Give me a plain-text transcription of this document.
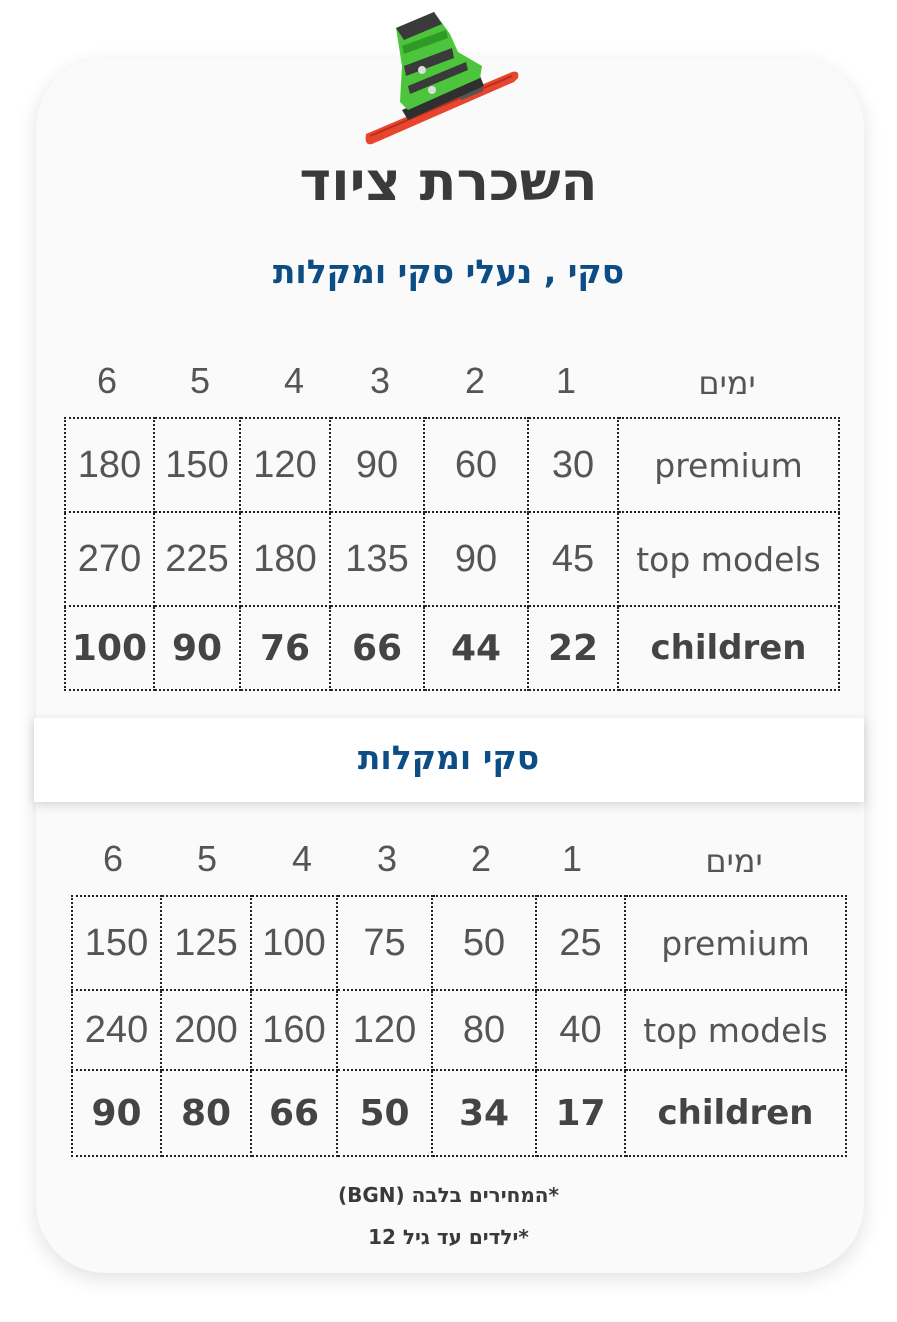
השכרת ציוד
סקי , נעלי סקי ומקלות
6	5	4	3	2	1	ימים
180	150	120	90	60	30	premium
270	225	180	135	90	45	top models
100	90	76	66	44	22	children
סקי ומקלות
6	5	4	3	2	1	ימים
150	125	100	75	50	25	premium
240	200	160	120	80	40	top models
90	80	66	50	34	17	children
*המחירים בלבה (BGN)
*ילדים עד גיל 12
